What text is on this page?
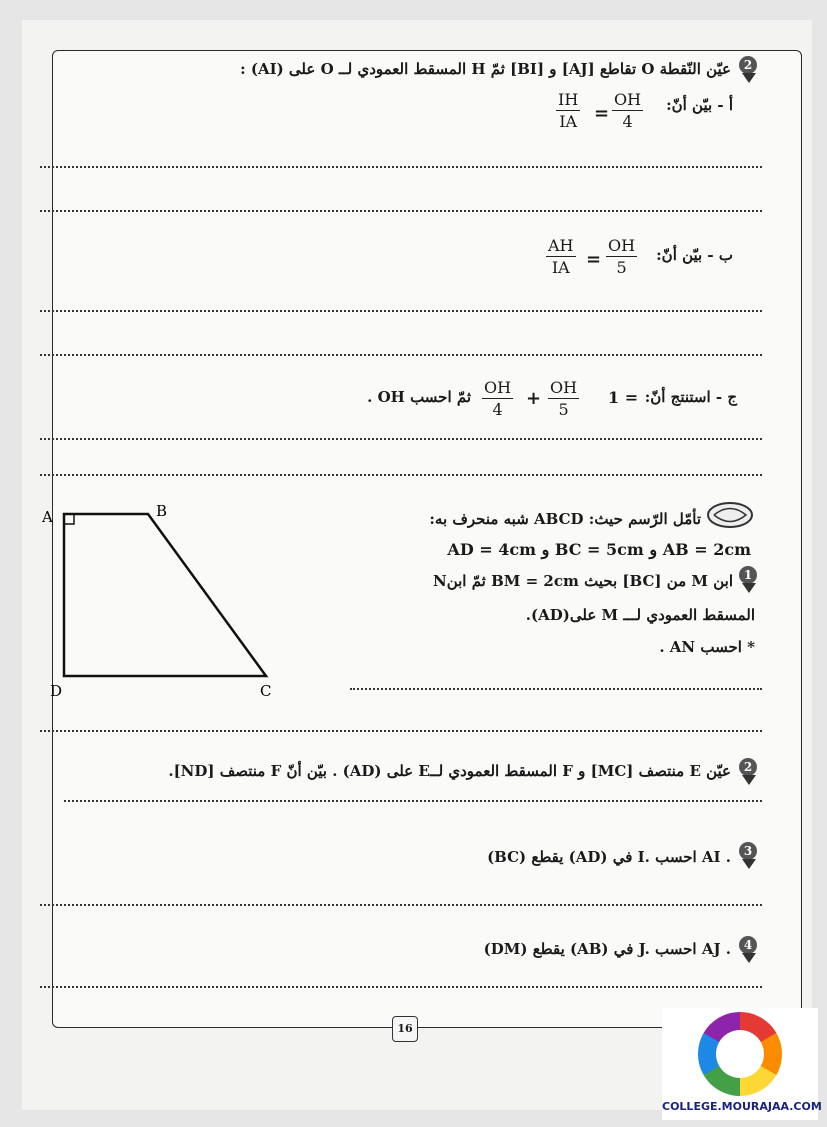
2
عيّن النّقطة O تقاطع [AJ] و [BI] ثمّ H المسقط العمودي لــ O على (AI) :
أ - بيّن أنّ:
$\frac{IH}{IA} = \frac{OH}{4}$
ب - بيّن أنّ:
$\frac{AH}{IA} = \frac{OH}{5}$
ج - استنتج أنّ:
1 =
$\frac{OH}{5}$
+
$\frac{OH}{4}$
ثمّ احسب OH .
تأمّل الرّسم حيث: ABCD شبه منحرف به:
AD = 4cm و BC = 5cm و AB = 2cm
1
ابن M من [BC] بحيث BM = 2cm ثمّ ابنN
المسقط العمودي لـــ M على(AD).
* احسب AN .
A	B
C
D
2
عيّن E منتصف [MC] و F المسقط العمودي لــE على (AD) . بيّن أنّ F منتصف [ND].
3
(BC) يقطع (AD) في I. احسب AI .
4
(DM) يقطع (AB) في J. احسب AJ .
16
COLLEGE.MOURAJAA.COM
